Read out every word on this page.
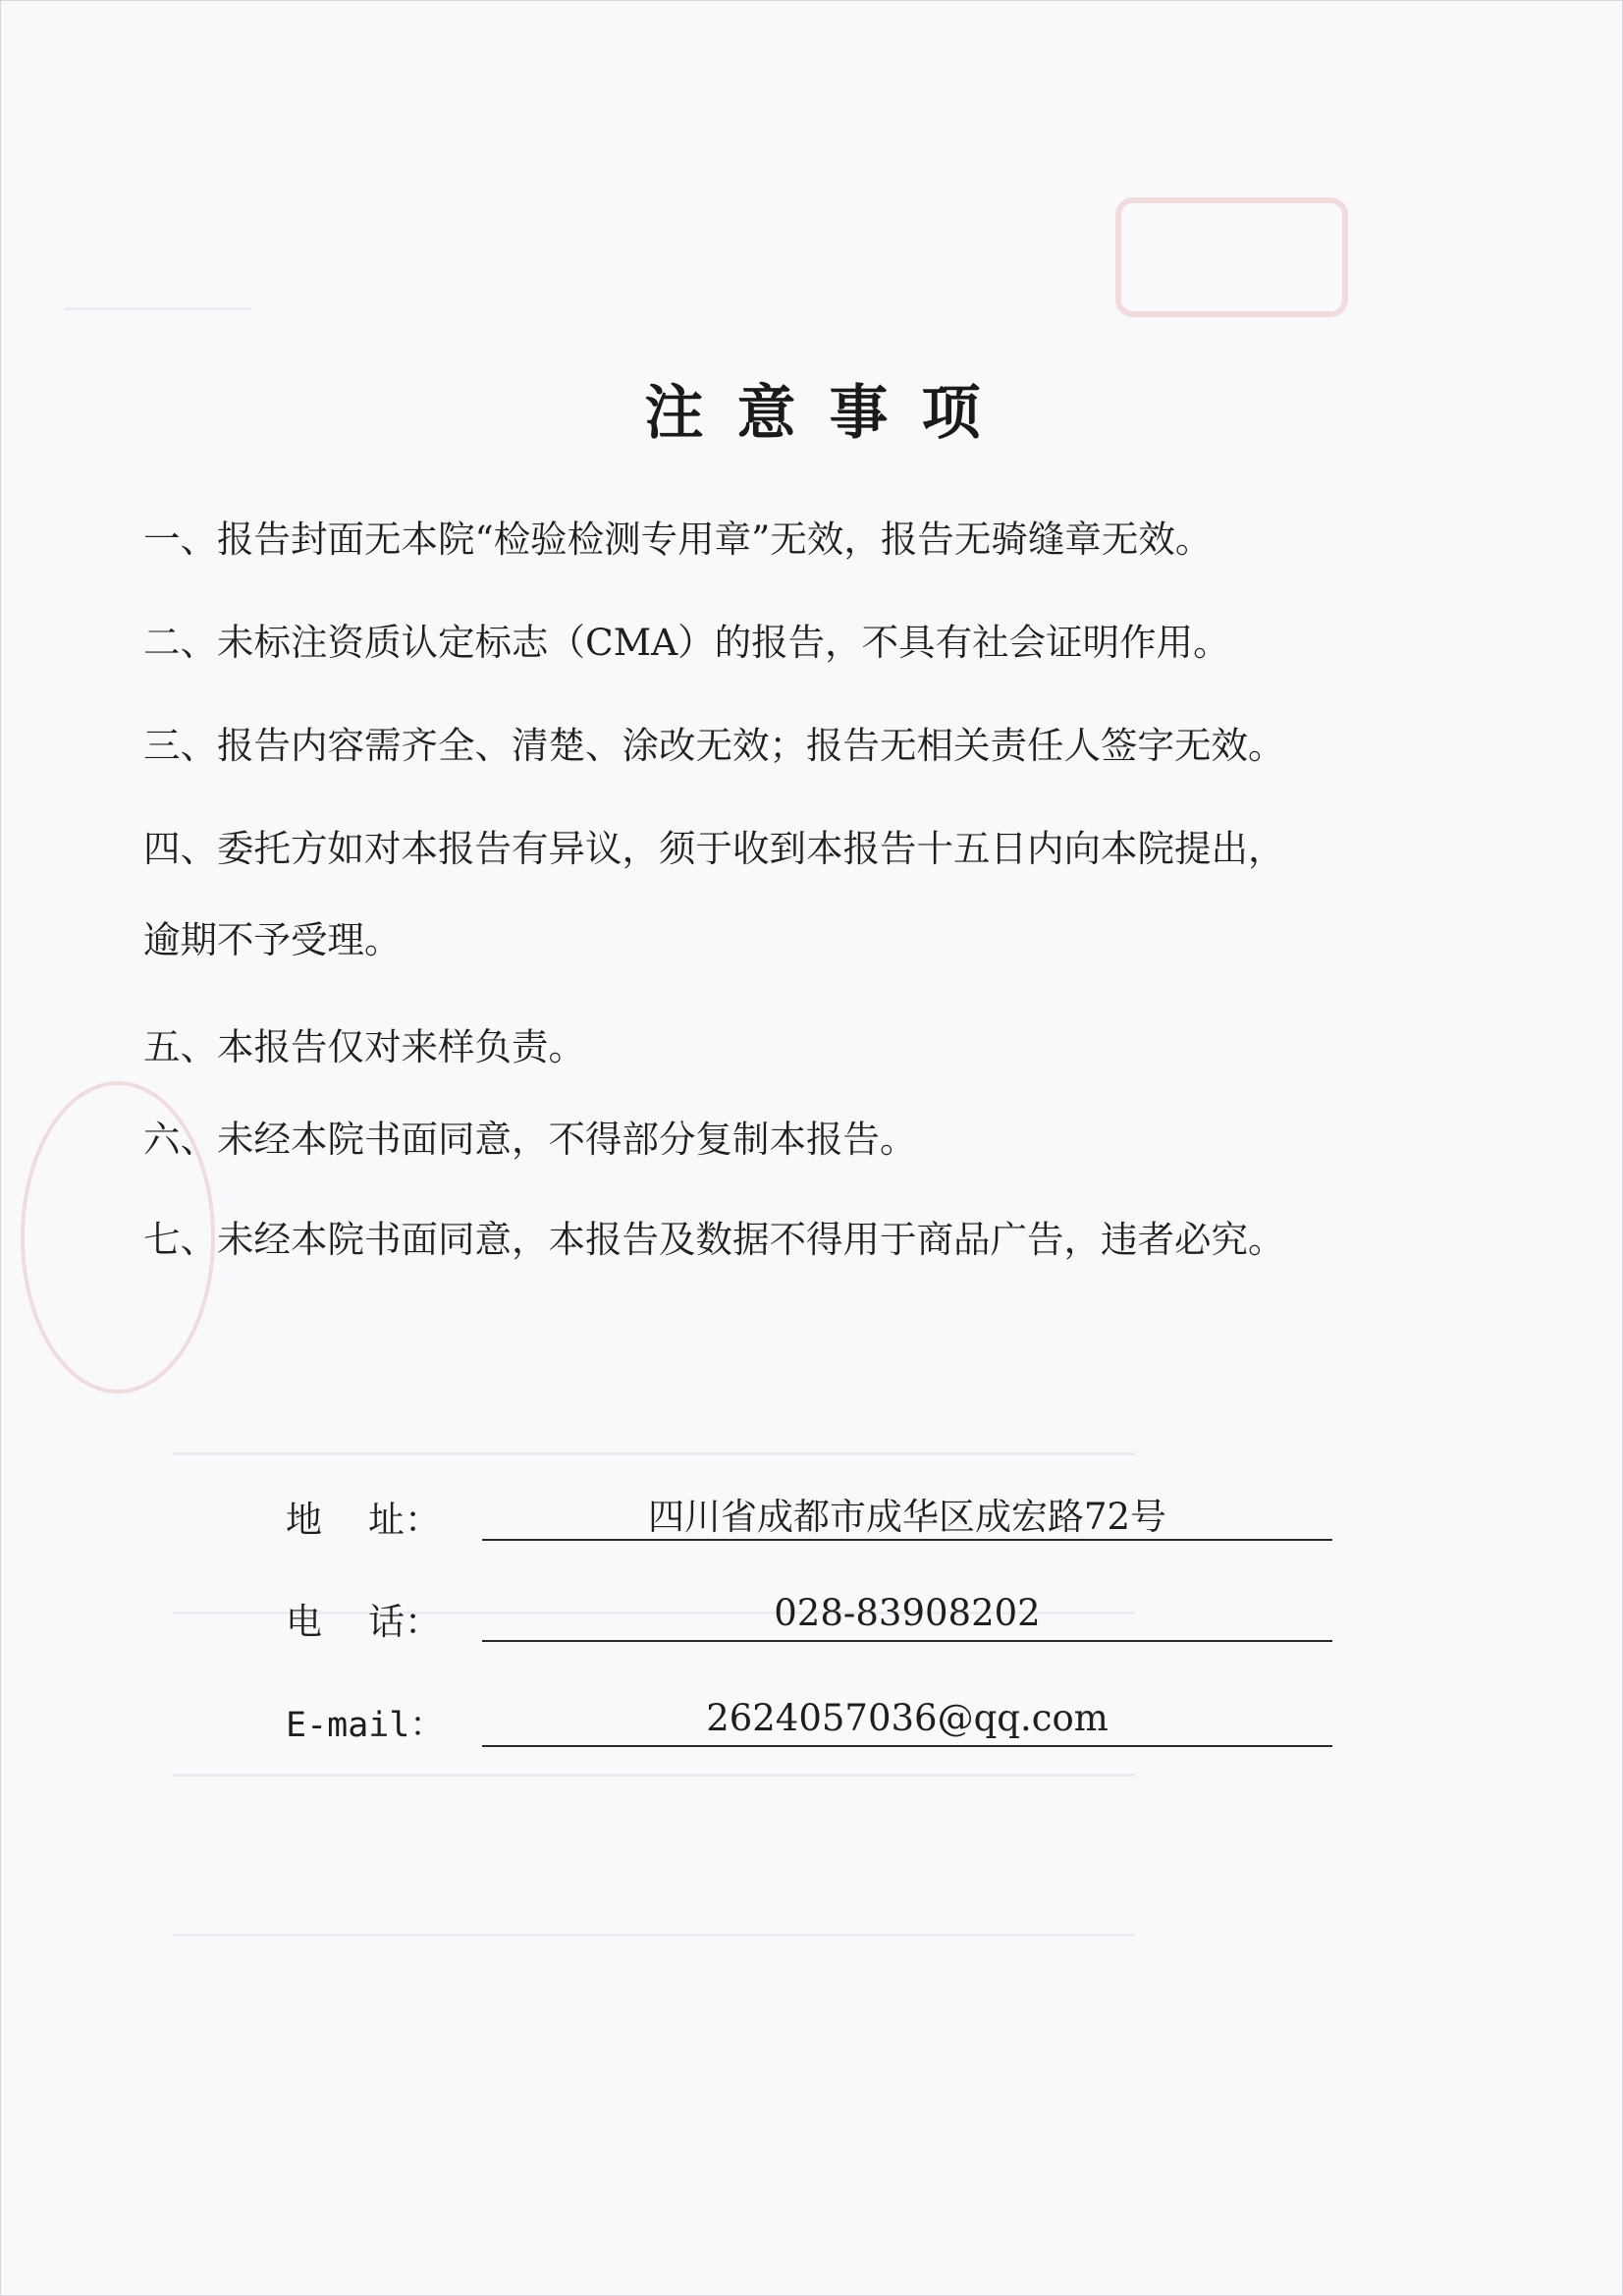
注意事项
一、报告封面无本院“检验检测专用章”无效，报告无骑缝章无效。
二、未标注资质认定标志（CMA）的报告，不具有社会证明作用。
三、报告内容需齐全、清楚、涂改无效；报告无相关责任人签字无效。
四、委托方如对本报告有异议，须于收到本报告十五日内向本院提出，
逾期不予受理。
五、本报告仅对来样负责。
六、未经本院书面同意，不得部分复制本报告。
七、未经本院书面同意，本报告及数据不得用于商品广告，违者必究。
地    址：	四川省成都市成华区成宏路72号
电    话：	028-83908202
E-mail：	2624057036@qq.com
